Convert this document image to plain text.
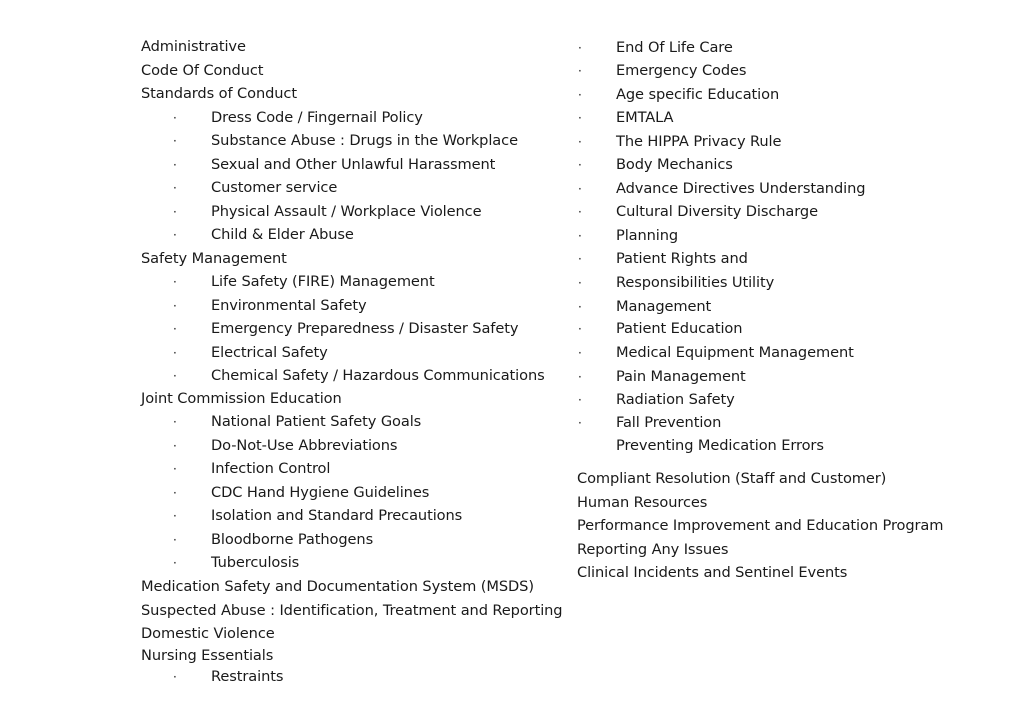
Administrative
Code Of Conduct
Standards of Conduct
· Dress Code / Fingernail Policy
· Substance Abuse : Drugs in the Workplace
· Sexual and Other Unlawful Harassment
· Customer service
· Physical Assault / Workplace Violence
· Child & Elder Abuse
Safety Management
· Life Safety (FIRE) Management
· Environmental Safety
· Emergency Preparedness / Disaster Safety
· Electrical Safety
· Chemical Safety / Hazardous Communications
Joint Commission Education
· National Patient Safety Goals
· Do-Not-Use Abbreviations
· Infection Control
· CDC Hand Hygiene Guidelines
· Isolation and Standard Precautions
· Bloodborne Pathogens
· Tuberculosis
Medication Safety and Documentation System (MSDS)
Suspected Abuse : Identification, Treatment and Reporting
Domestic Violence
Nursing Essentials
· Restraints
· End Of Life Care
· Emergency Codes
· Age specific Education
· EMTALA
· The HIPPA Privacy Rule
· Body Mechanics
· Advance Directives Understanding
· Cultural Diversity Discharge
· Planning
· Patient Rights and
· Responsibilities Utility
· Management
· Patient Education
· Medical Equipment Management
· Pain Management
· Radiation Safety
· Fall Prevention
Preventing Medication Errors
Compliant Resolution (Staff and Customer)
Human Resources
Performance Improvement and Education Program
Reporting Any Issues
Clinical Incidents and Sentinel Events
